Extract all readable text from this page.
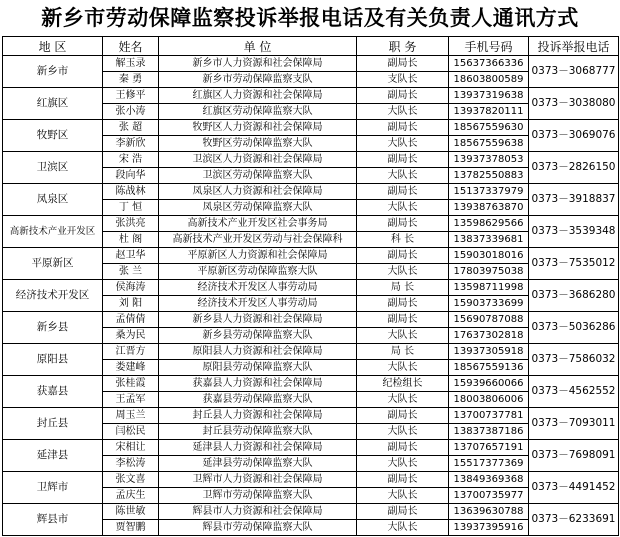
新乡市劳动保障监察投诉举报电话及有关负责人通讯方式
地 区	姓名	单 位	职 务	手机号码	投诉举报电话
新乡市	解玉录	新乡市人力资源和社会保障局	副局长	15637366336	0373－3068777
	秦 勇	新乡市劳动保障监察支队	支队长	18603800589	
红旗区	王修平	红旗区人力资源和社会保障局	副局长	13937319638	0373－3038080
	张小涛	红旗区劳动保障监察大队	大队长	13937820111	
牧野区	张 超	牧野区人力资源和社会保障局	副局长	18567559630	0373－3069076
	李新欣	牧野区劳动保障监察大队	大队长	18567559638	
卫滨区	宋 浩	卫滨区人力资源和社会保障局	副局长	13937378053	0373－2826150
	段向华	卫滨区劳动保障监察大队	大队长	13782550883	
凤泉区	陈战林	凤泉区人力资源和社会保障局	副局长	15137337979	0373－3918837
	丁 恒	凤泉区劳动保障监察大队	大队长	13938763870	
高新技术产业开发区	张洪亮	高新技术产业开发区社会事务局	副局长	13598629566	0373－3539348
	杜 阁	高新技术产业开发区劳动与社会保障科	科 长	13837339681	
平原新区	赵卫华	平原新区人力资源和社会保障局	副局长	15903018016	0373－7535012
	张 兰	平原新区劳动保障监察大队	大队长	17803975038	
经济技术开发区	侯海涛	经济技术开发区人事劳动局	局 长	13598711998	0373－3686280
	刘 阳	经济技术开发区人事劳动局	副局长	15903733699	
新乡县	孟倩倩	新乡县人力资源和社会保障局	副局长	15690787088	0373－5036286
	桑为民	新乡县劳动保障监察大队	大队长	17637302818	
原阳县	江晋方	原阳县人力资源和社会保障局	局 长	13937305918	0373－7586032
	娄建峰	原阳县劳动保障监察大队	大队长	18567559136	
获嘉县	张桂霞	获嘉县人力资源和社会保障局	纪检组长	15939660066	0373－4562552
	王孟军	获嘉县劳动保障监察大队	大队长	18003806006	
封丘县	周玉兰	封丘县人力资源和社会保障局	副局长	13700737781	0373－7093011
	闫松民	封丘县劳动保障监察大队	大队长	13837387186	
延津县	宋相让	延津县人力资源和社会保障局	副局长	13707657191	0373－7698091
	李松涛	延津县劳动保障监察大队	大队长	15517377369	
卫辉市	张文喜	卫辉市人力资源和社会保障局	副局长	13849369368	0373－4491452
	孟庆生	卫辉市劳动保障监察大队	大队长	13700735977	
辉县市	陈世敏	辉县市人力资源和社会保障局	副局长	13639630788	0373－6233691
	贾智鹏	辉县市劳动保障监察大队	大队长	13937395916	
